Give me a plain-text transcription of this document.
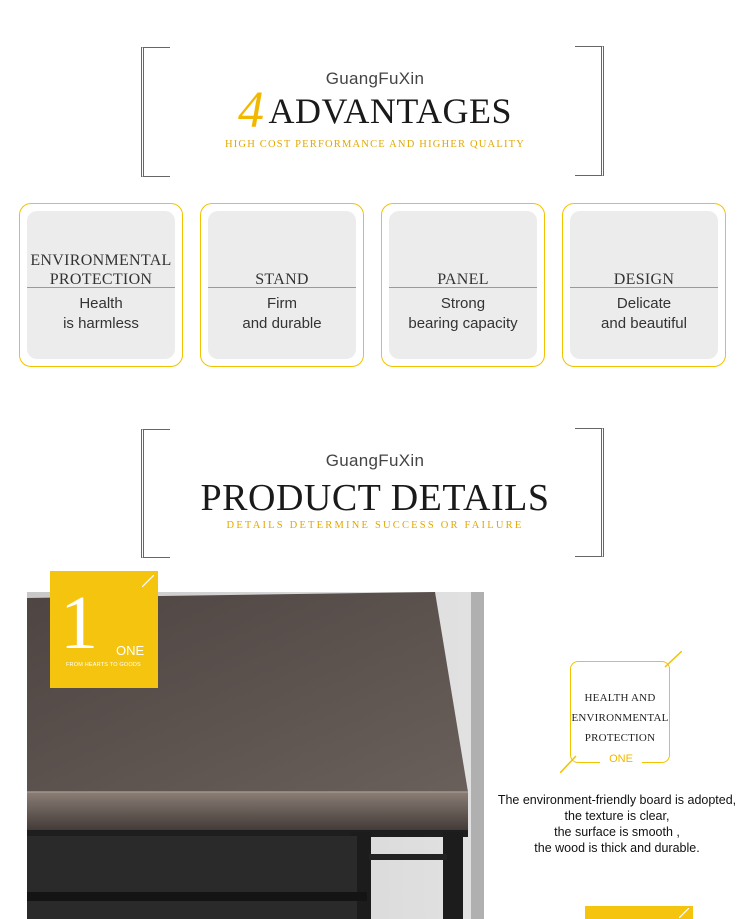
GuangFuXin
4 ADVANTAGES
HIGH COST PERFORMANCE AND HIGHER QUALITY
ENVIRONMENTAL
PROTECTION
Health
is harmless
STAND
Firm
and durable
PANEL
Strong
bearing capacity
DESIGN
Delicate
and beautiful
GuangFuXin
PRODUCT DETAILS
DETAILS DETERMINE SUCCESS OR FAILURE
1 ONE
FROM HEARTS TO GOODS
HEALTH AND
ENVIRONMENTAL
PROTECTION
ONE
The environment-friendly board is adopted,
the texture is clear,
the surface is smooth ,
the wood is thick and durable.
